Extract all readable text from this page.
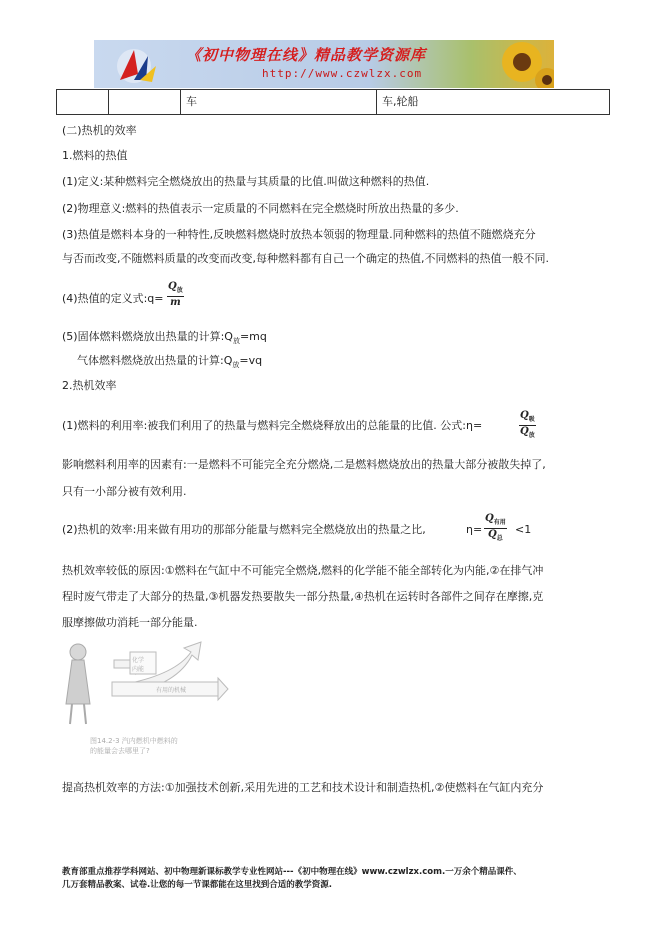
《初中物理在线》精品教学资源库
http://www.czwlzx.com
车	车,轮船
(二)热机的效率
1.燃料的热值
(1)定义:某种燃料完全燃烧放出的热量与其质量的比值.叫做这种燃料的热值.
(2)物理意义:燃料的热值表示一定质量的不同燃料在完全燃烧时所放出热量的多少.
(3)热值是燃料本身的一种特性,反映燃料燃烧时放热本领弱的物理量.同种燃料的热值不随燃烧充分
与否而改变,不随燃料质量的改变而改变,每种燃料都有自己一个确定的热值,不同燃料的热值一般不同.
(4)热值的定义式:q=
$Q_放$
m
(5)固体燃料燃烧放出热量的计算$:Q_放=mq$
气体燃料燃烧放出热量的计算$:Q_放=vq$
2.热机效率
(1)燃料的利用率:被我们利用了的热量与燃料完全燃烧释放出的总能量的比值. 公式:η=
$Q_吸$
$Q_放$
影响燃料利用率的因素有:一是燃料不可能完全充分燃烧,二是燃料燃烧放出的热量大部分被散失掉了,
只有一小部分被有效利用.
(2)热机的效率:用来做有用功的那部分能量与燃料完全燃烧放出的热量之比,	η=
$Q_{有用}$
$Q_总$
<1
热机效率较低的原因:①燃料在气缸中不可能完全燃烧,燃料的化学能不能全部转化为内能,②在排气冲
程时废气带走了大部分的热量,③机器发热要散失一部分热量,④热机在运转时各部件之间存在摩擦,克
服摩擦做功消耗一部分能量.
化学
内能
有用的机械
图14.2-3 汽内燃机中燃料的
的能量会去哪里了?
提高热机效率的方法:①加强技术创新,采用先进的工艺和技术设计和制造热机,②使燃料在气缸内充分
教育部重点推荐学科网站、初中物理新课标教学专业性网站---《初中物理在线》www.czwlzx.com.一万余个精品课件、
几万套精品教案、试卷.让您的每一节课都能在这里找到合适的教学资源.
